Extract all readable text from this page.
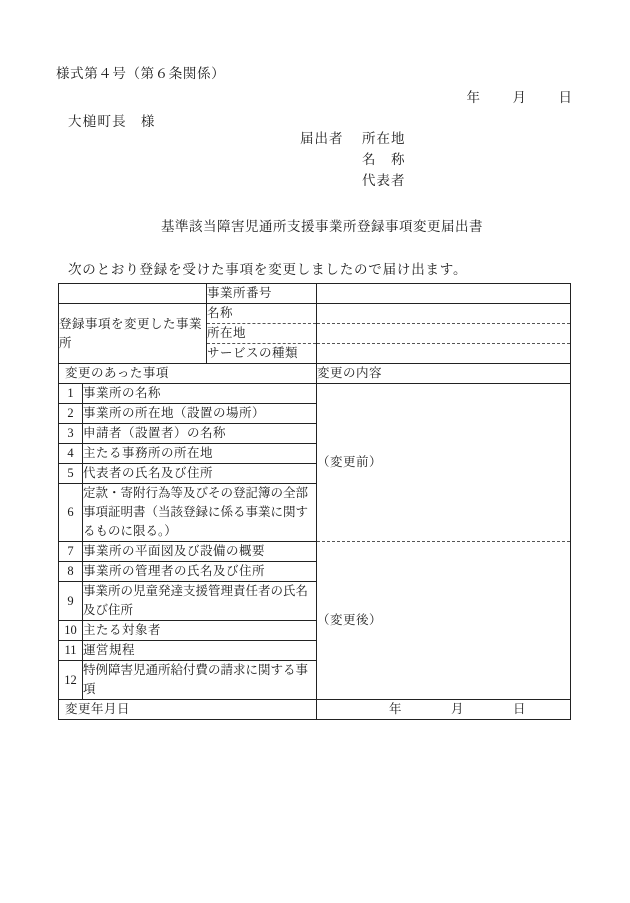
様式第４号（第６条関係）
年 月 日
大槌町長 様
届出者	所在地
名　称
代表者
基準該当障害児通所支援事業所登録事項変更届出書
次のとおり登録を受けた事項を変更しましたので届け出ます。
		事業所番号	
登録事項を変更した事業所		名称	
		所在地	
		サービスの種類	
変更のあった事項			変更の内容
1	事業所の名称		（変更前）
2	事業所の所在地（設置の場所）		
3	申請者（設置者）の名称		
4	主たる事務所の所在地		
5	代表者の氏名及び住所		
6	定款・寄附行為等及びその登記簿の全部事項証明書（当該登録に係る事業に関するものに限る。）		
7	事業所の平面図及び設備の概要		（変更後）
8	事業所の管理者の氏名及び住所		
9	事業所の児童発達支援管理責任者の氏名及び住所		
10	主たる対象者		
11	運営規程		
12	特例障害児通所給付費の請求に関する事項		
変更年月日			年 月 日
